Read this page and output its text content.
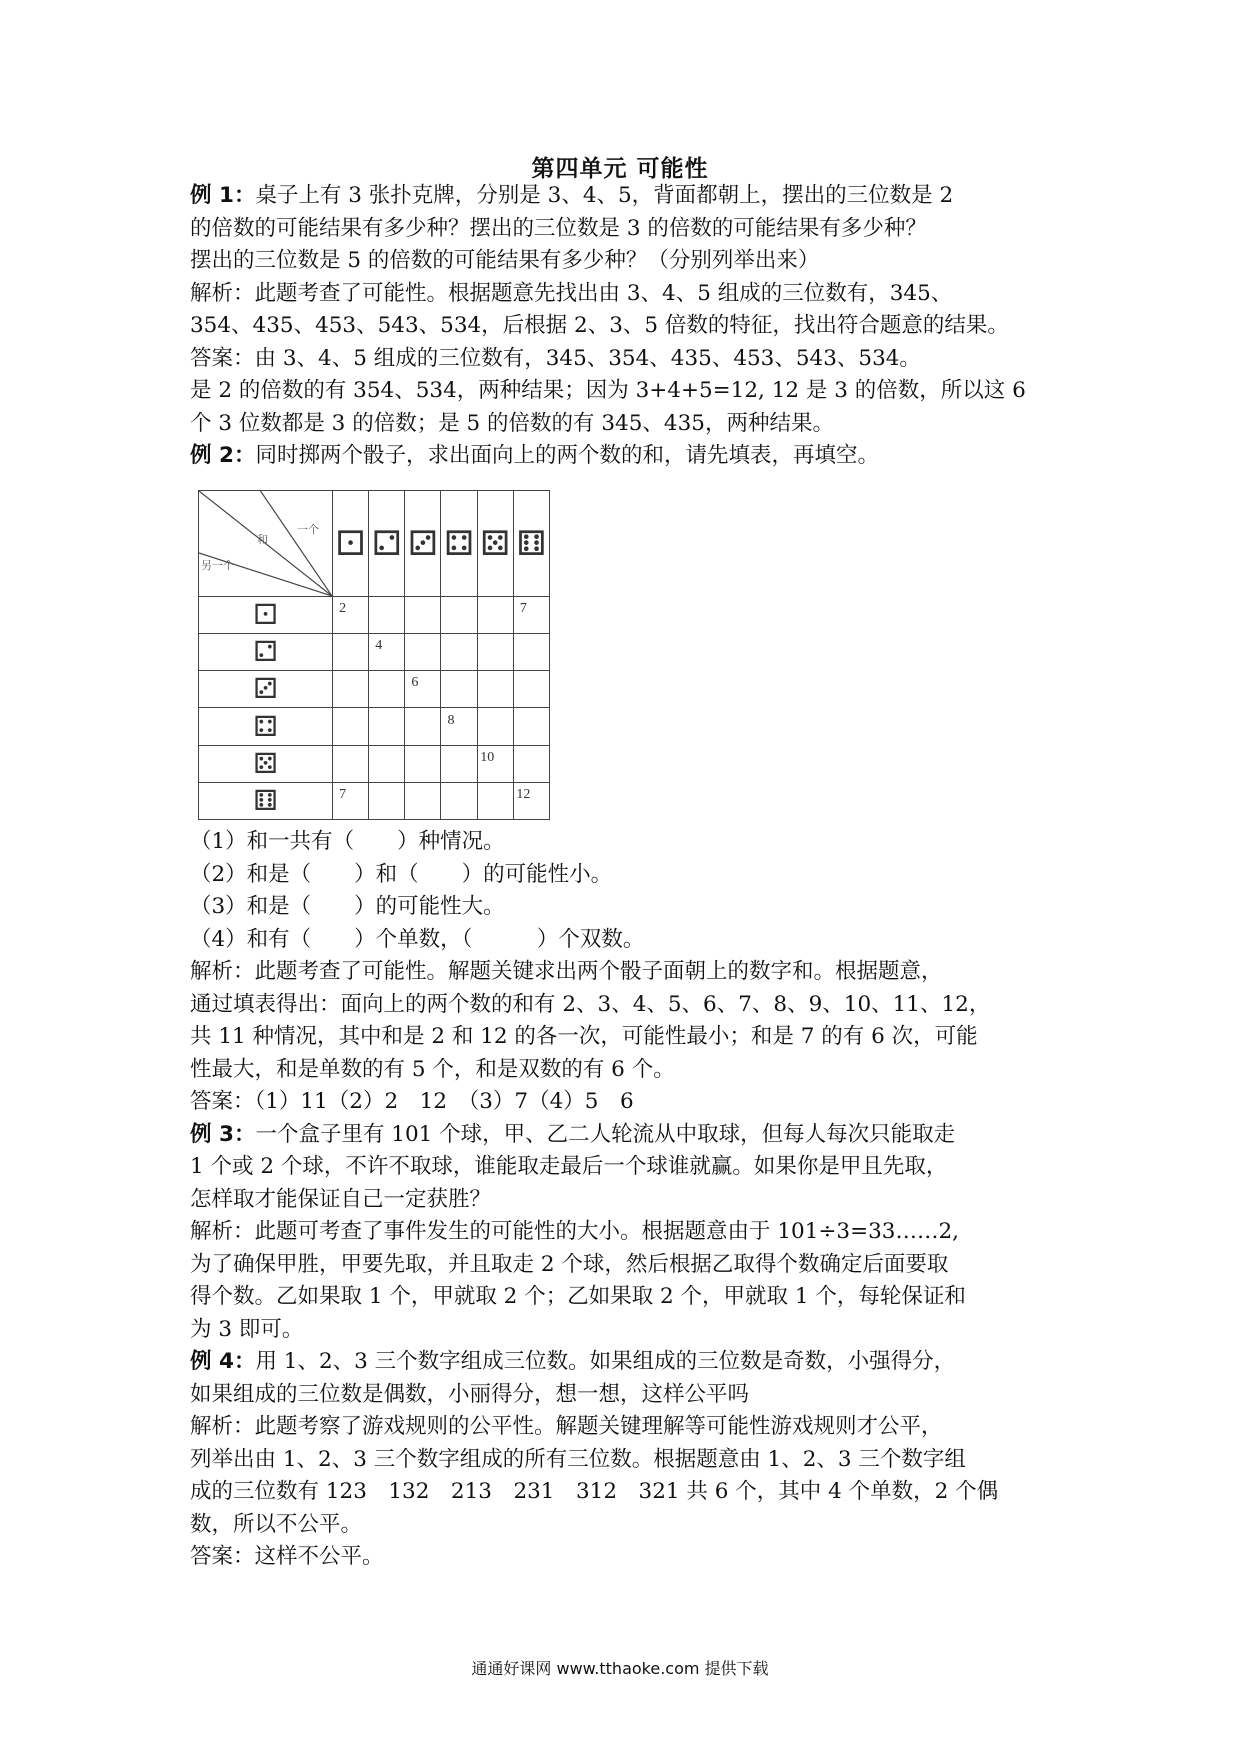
第四单元 可能性
例 1：桌子上有 3 张扑克牌，分别是 3、4、5，背面都朝上，摆出的三位数是 2
的倍数的可能结果有多少种？摆出的三位数是 3 的倍数的可能结果有多少种？
摆出的三位数是 5 的倍数的可能结果有多少种？（分别列举出来）
解析：此题考查了可能性。根据题意先找出由 3、4、5 组成的三位数有，345、
354、435、453、543、534，后根据 2、3、5 倍数的特征，找出符合题意的结果。
答案：由 3、4、5 组成的三位数有，345、354、435、453、543、534。
是 2 的倍数的有 354、534，两种结果；因为 3+4+5=12, 12 是 3 的倍数，所以这 6
个 3 位数都是 3 的倍数；是 5 的倍数的有 345、435，两种结果。
例 2：同时掷两个骰子，求出面向上的两个数的和，请先填表，再填空。
一个
和
另一个	⚀	⚁	⚂	⚃	⚄	⚅
⚀	2					7
⚁		4				
⚂			6			
⚃				8		
⚄					10	
⚅	7					12
（1）和一共有（　　）种情况。
（2）和是（　　）和（　　）的可能性小。
（3）和是（　　）的可能性大。
（4）和有（　　）个单数，（　　　）个双数。
解析：此题考查了可能性。解题关键求出两个骰子面朝上的数字和。根据题意，
通过填表得出：面向上的两个数的和有 2、3、4、5、6、7、8、9、10、11、12，
共 11 种情况，其中和是 2 和 12 的各一次，可能性最小；和是 7 的有 6 次，可能
性最大，和是单数的有 5 个，和是双数的有 6 个。
答案：（1）11（2）2　12　（3）7（4）5　6
例 3：一个盒子里有 101 个球，甲、乙二人轮流从中取球，但每人每次只能取走
1 个或 2 个球，不许不取球，谁能取走最后一个球谁就赢。如果你是甲且先取，
怎样取才能保证自己一定获胜？
解析：此题可考查了事件发生的可能性的大小。根据题意由于 101÷3=33……2,
为了确保甲胜，甲要先取，并且取走 2 个球，然后根据乙取得个数确定后面要取
得个数。乙如果取 1 个，甲就取 2 个；乙如果取 2 个，甲就取 1 个，每轮保证和
为 3 即可。
例 4：用 1、2、3 三个数字组成三位数。如果组成的三位数是奇数，小强得分，
如果组成的三位数是偶数，小丽得分，想一想，这样公平吗
解析：此题考察了游戏规则的公平性。解题关键理解等可能性游戏规则才公平，
列举出由 1、2、3 三个数字组成的所有三位数。根据题意由 1、2、3 三个数字组
成的三位数有 123　132　213　231　312　321 共 6 个，其中 4 个单数，2 个偶
数，所以不公平。
答案：这样不公平。
通通好课网 www.tthaoke.com 提供下载
